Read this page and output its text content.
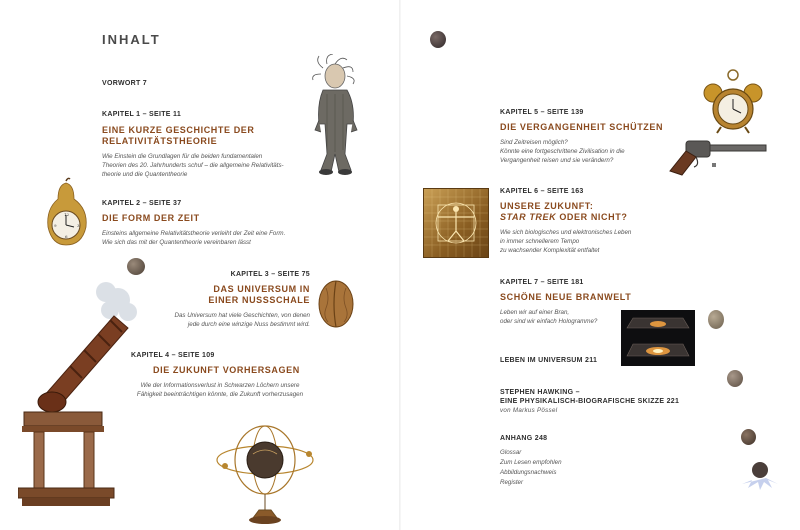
INHALT
VORWORT 7
KAPITEL 1 – SEITE 11
EINE KURZE GESCHICHTE DER
RELATIVITÄTSTHEORIE
Wie Einstein die Grundlagen für die beiden fundamentalen
Theorien des 20. Jahrhunderts schuf – die allgemeine Relativitäts-
theorie und die Quantentheorie
KAPITEL 2 – SEITE 37
DIE FORM DER ZEIT
Einsteins allgemeine Relativitätstheorie verleiht der Zeit eine Form.
Wie sich das mit der Quantentheorie vereinbaren lässt
KAPITEL 3 – SEITE 75
DAS UNIVERSUM IN
EINER NUSSSCHALE
Das Universum hat viele Geschichten, von denen
jede durch eine winzige Nuss bestimmt wird.
KAPITEL 4 – SEITE 109
DIE ZUKUNFT VORHERSAGEN
Wie der Informationsverlust in Schwarzen Löchern unsere
Fähigkeit beeinträchtigen könnte, die Zukunft vorherzusagen
12
3
6
9
KAPITEL 5 – SEITE 139
DIE VERGANGENHEIT SCHÜTZEN
Sind Zeitreisen möglich?
Könnte eine fortgeschrittene Zivilisation in die
Vergangenheit reisen und sie verändern?
KAPITEL 6 – SEITE 163
UNSERE ZUKUNFT:
STAR TREK ODER NICHT?
Wie sich biologisches und elektronisches Leben
in immer schnellerem Tempo
zu wachsender Komplexität entfaltet
KAPITEL 7 – SEITE 181
SCHÖNE NEUE BRANWELT
Leben wir auf einer Bran,
oder sind wir einfach Hologramme?
LEBEN IM UNIVERSUM 211
STEPHEN HAWKING –
EINE PHYSIKALISCH-BIOGRAFISCHE SKIZZE 221
von Markus Pössel
ANHANG 248
Glossar
Zum Lesen empfohlen
Abbildungsnachweis
Register
